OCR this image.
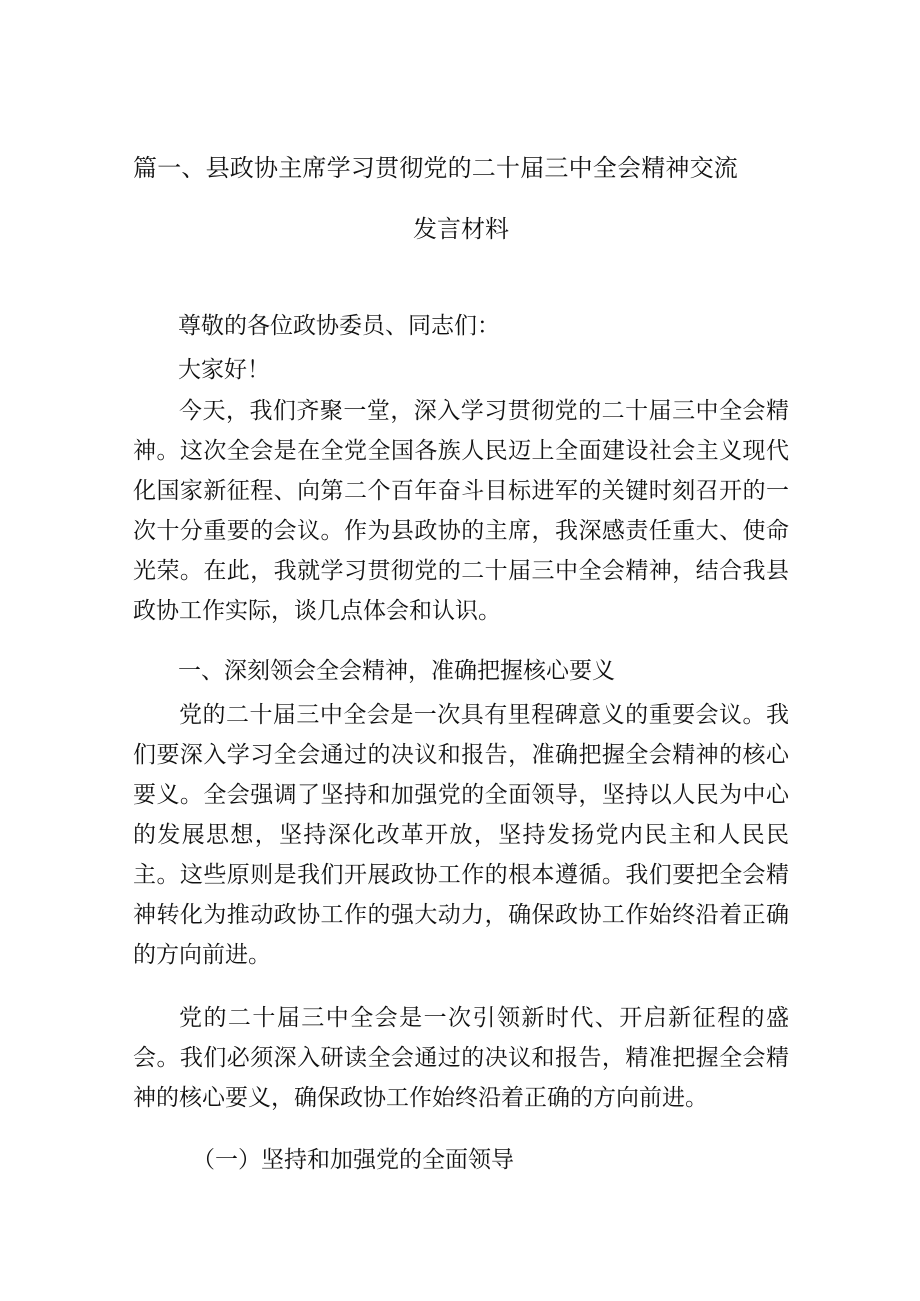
篇一、县政协主席学习贯彻党的二十届三中全会精神交流
发言材料

尊敬的各位政协委员、同志们：

大家好！

今天，我们齐聚一堂，深入学习贯彻党的二十届三中全会精神。这次全会是在全党全国各族人民迈上全面建设社会主义现代化国家新征程、向第二个百年奋斗目标进军的关键时刻召开的一次十分重要的会议。作为县政协的主席，我深感责任重大、使命光荣。在此，我就学习贯彻党的二十届三中全会精神，结合我县政协工作实际，谈几点体会和认识。

一、深刻领会全会精神，准确把握核心要义

党的二十届三中全会是一次具有里程碑意义的重要会议。我们要深入学习全会通过的决议和报告，准确把握全会精神的核心要义。全会强调了坚持和加强党的全面领导，坚持以人民为中心的发展思想，坚持深化改革开放，坚持发扬党内民主和人民民主。这些原则是我们开展政协工作的根本遵循。我们要把全会精神转化为推动政协工作的强大动力，确保政协工作始终沿着正确的方向前进。

党的二十届三中全会是一次引领新时代、开启新征程的盛会。我们必须深入研读全会通过的决议和报告，精准把握全会精神的核心要义，确保政协工作始终沿着正确的方向前进。

（一）坚持和加强党的全面领导
